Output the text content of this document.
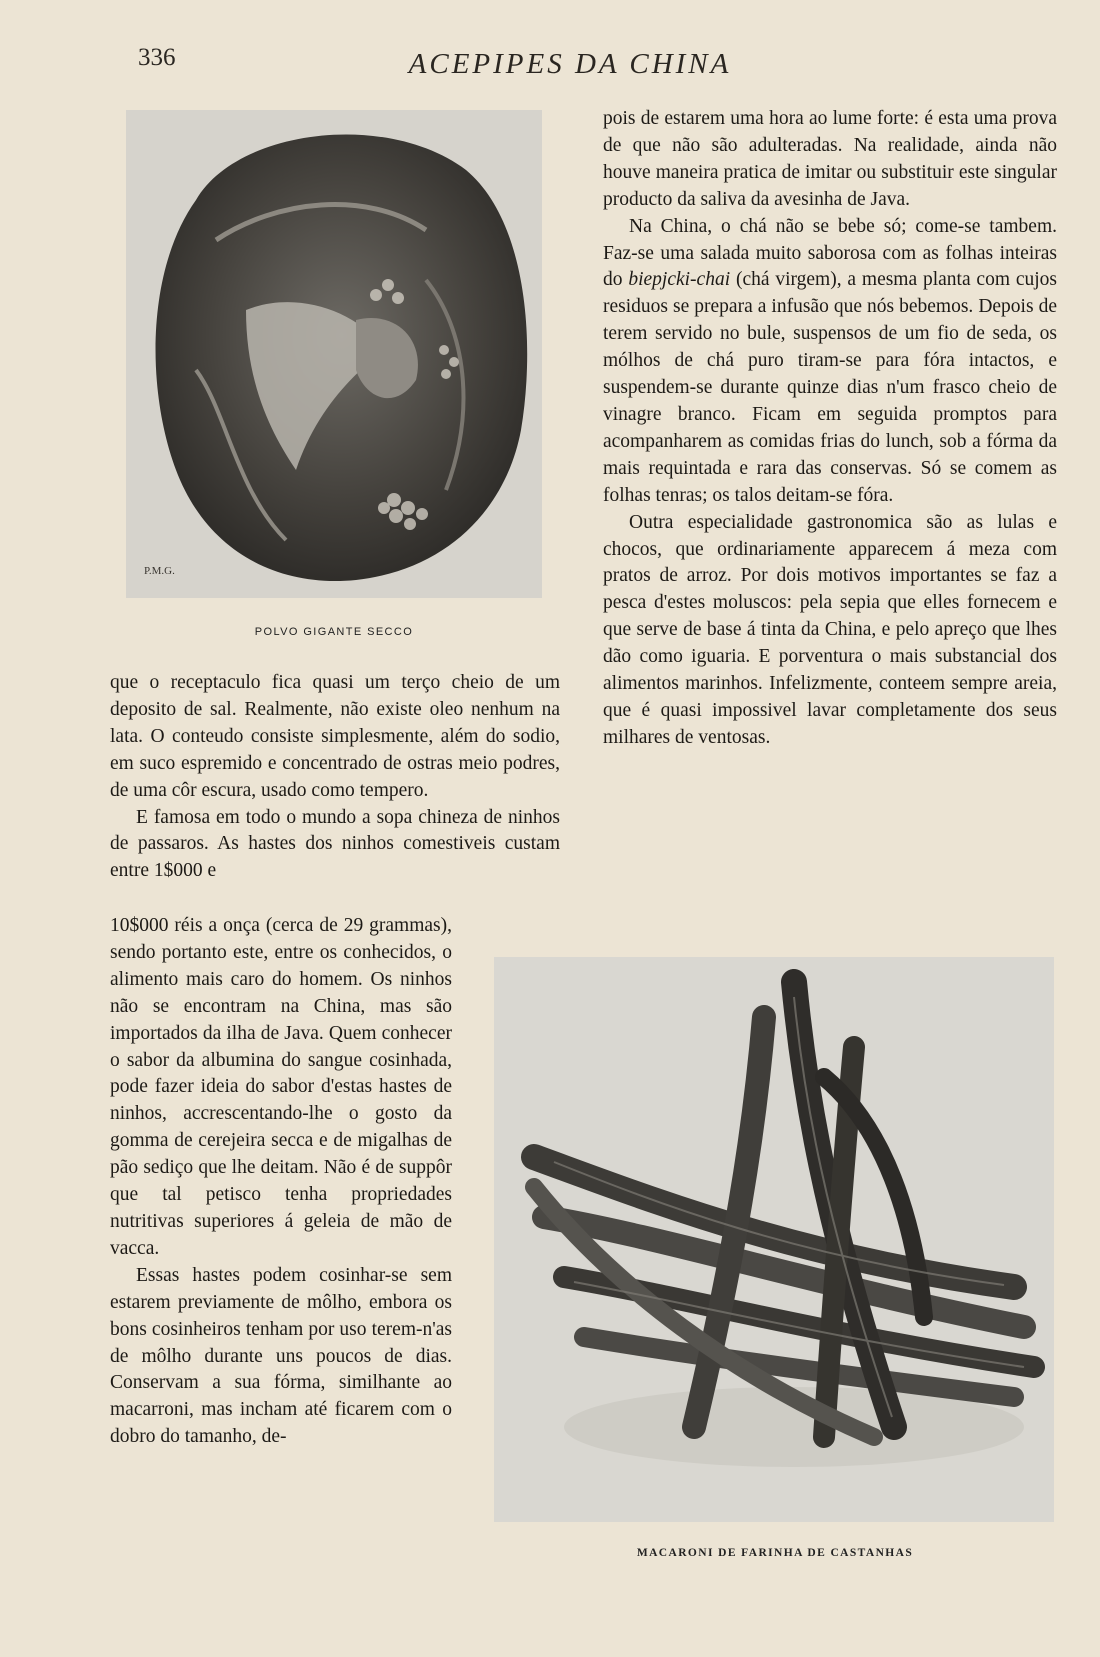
336	ACEPIPES DA CHINA
P.M.G.
POLVO GIGANTE SECCO

que o receptaculo fica quasi um terço cheio de um deposito de sal. Realmente, não existe oleo nenhum na lata. O conteudo consiste simplesmente, além do sodio, em suco espremido e concentrado de ostras meio podres, de uma côr escura, usado como tempero.

E famosa em todo o mundo a sopa chineza de ninhos de passaros. As hastes dos ninhos comestiveis custam entre 1$000 e

10$000 réis a onça (cerca de 29 grammas), sendo portanto este, entre os conhecidos, o alimento mais caro do homem. Os ninhos não se encontram na China, mas são importados da ilha de Java. Quem conhecer o sabor da albumina do sangue cosinhada, pode fazer ideia do sabor d'estas hastes de ninhos, accrescentando-lhe o gosto da gomma de cerejeira secca e de migalhas de pão sediço que lhe deitam. Não é de suppôr que tal petisco tenha propriedades nutritivas superiores á geleia de mão de vacca.

Essas hastes podem cosinhar-se sem estarem previamente de môlho, embora os bons cosinheiros tenham por uso terem-n'as de môlho durante uns poucos de dias. Conservam a sua fórma, similhante ao macarroni, mas incham até ficarem com o dobro do tamanho, de-

pois de estarem uma hora ao lume forte: é esta uma prova de que não são adulteradas. Na realidade, ainda não houve maneira pratica de imitar ou substituir este singular producto da saliva da avesinha de Java.

Na China, o chá não se bebe só; come-se tambem. Faz-se uma salada muito saborosa com as folhas inteiras do biepjcki-chai (chá virgem), a mesma planta com cujos residuos se prepara a infusão que nós bebemos. Depois de terem servido no bule, suspensos de um fio de seda, os mólhos de chá puro tiram-se para fóra intactos, e suspendem-se durante quinze dias n'um frasco cheio de vinagre branco. Ficam em seguida promptos para acompanharem as comidas frias do lunch, sob a fórma da mais requintada e rara das conservas. Só se comem as folhas tenras; os talos deitam-se fóra.

Outra especialidade gastronomica são as lulas e chocos, que ordinariamente apparecem á meza com pratos de arroz. Por dois motivos importantes se faz a pesca d'estes moluscos: pela sepia que elles fornecem e que serve de base á tinta da China, e pelo apreço que lhes dão como iguaria. E porventura o mais substancial dos alimentos marinhos. Infelizmente, conteem sempre areia, que é quasi impossivel lavar completamente dos seus milhares de ventosas.

MACARONI DE FARINHA DE CASTANHAS
